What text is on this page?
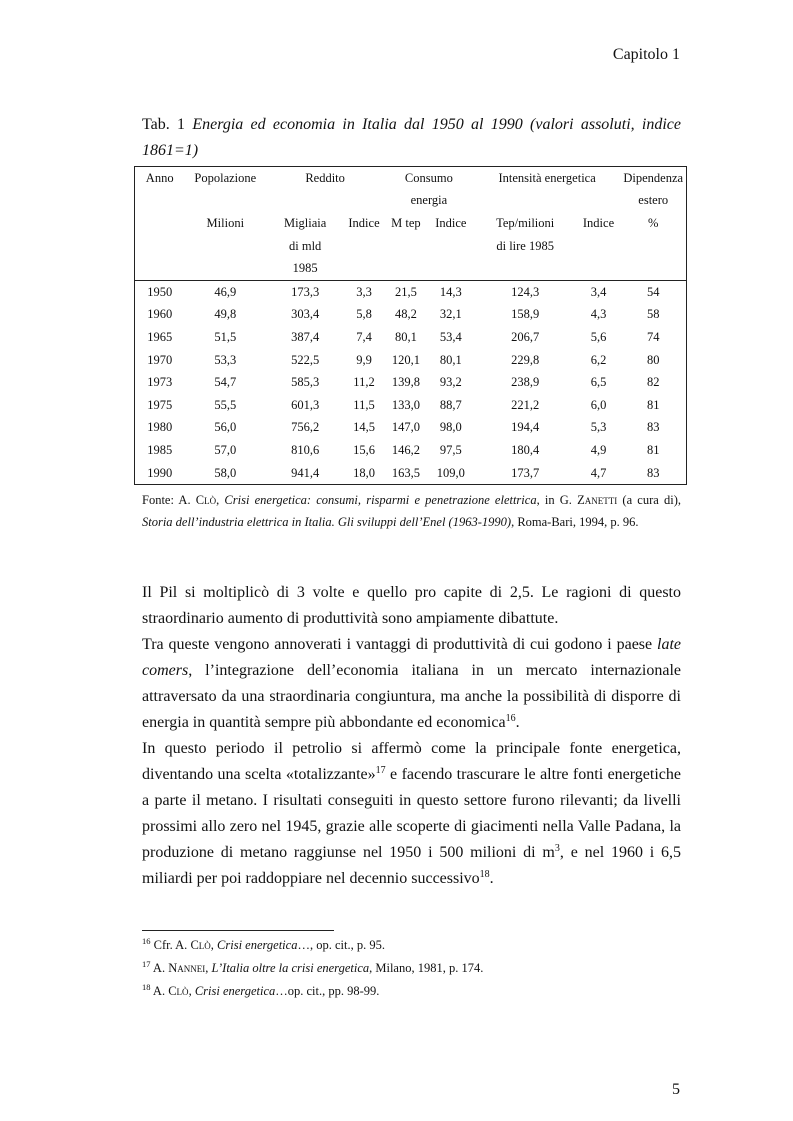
Capitolo 1
Tab. 1 Energia ed economia in Italia dal 1950 al 1990 (valori assoluti, indice 1861=1)
Anno	Popolazione	Reddito		Consumo		Intensità energetica		Dipendenza
				energia				estero
	Milioni	Migliaia	Indice	M tep	Indice	Tep/milioni	Indice	%
		di mld				di lire 1985		
		1985						
1950	46,9	173,3	3,3	21,5	14,3	124,3	3,4	54
1960	49,8	303,4	5,8	48,2	32,1	158,9	4,3	58
1965	51,5	387,4	7,4	80,1	53,4	206,7	5,6	74
1970	53,3	522,5	9,9	120,1	80,1	229,8	6,2	80
1973	54,7	585,3	11,2	139,8	93,2	238,9	6,5	82
1975	55,5	601,3	11,5	133,0	88,7	221,2	6,0	81
1980	56,0	756,2	14,5	147,0	98,0	194,4	5,3	83
1985	57,0	810,6	15,6	146,2	97,5	180,4	4,9	81
1990	58,0	941,4	18,0	163,5	109,0	173,7	4,7	83
Fonte: A. Clò, Crisi energetica: consumi, risparmi e penetrazione elettrica, in G. Zanetti (a cura di), Storia dell’industria elettrica in Italia. Gli sviluppi dell’Enel (1963-1990), Roma-Bari, 1994, p. 96.

Il Pil si moltiplicò di 3 volte e quello pro capite di 2,5. Le ragioni di questo straordinario aumento di produttività sono ampiamente dibattute.

Tra queste vengono annoverati i vantaggi di produttività di cui godono i paese late comers, l’integrazione dell’economia italiana in un mercato internazionale attraversato da una straordinaria congiuntura, ma anche la possibilità di disporre di energia in quantità sempre più abbondante ed economica$^{16}$.

In questo periodo il petrolio si affermò come la principale fonte energetica, diventando una scelta «totalizzante»$^{17}$ e facendo trascurare le altre fonti energetiche a parte il metano. I risultati conseguiti in questo settore furono rilevanti; da livelli prossimi allo zero nel 1945, grazie alle scoperte di giacimenti nella Valle Padana, la produzione di metano raggiunse nel 1950 i 500 milioni di $m^3$, e nel 1960 i 6,5 miliardi per poi raddoppiare nel decennio successivo$^{18}$.

$^{16}$ Cfr. A. Clò, Crisi energetica…, op. cit., p. 95.
$^{17}$ A. Nannei, L’Italia oltre la crisi energetica, Milano, 1981, p. 174.
$^{18}$ A. Clò, Crisi energetica…op. cit., pp. 98-99.
5
